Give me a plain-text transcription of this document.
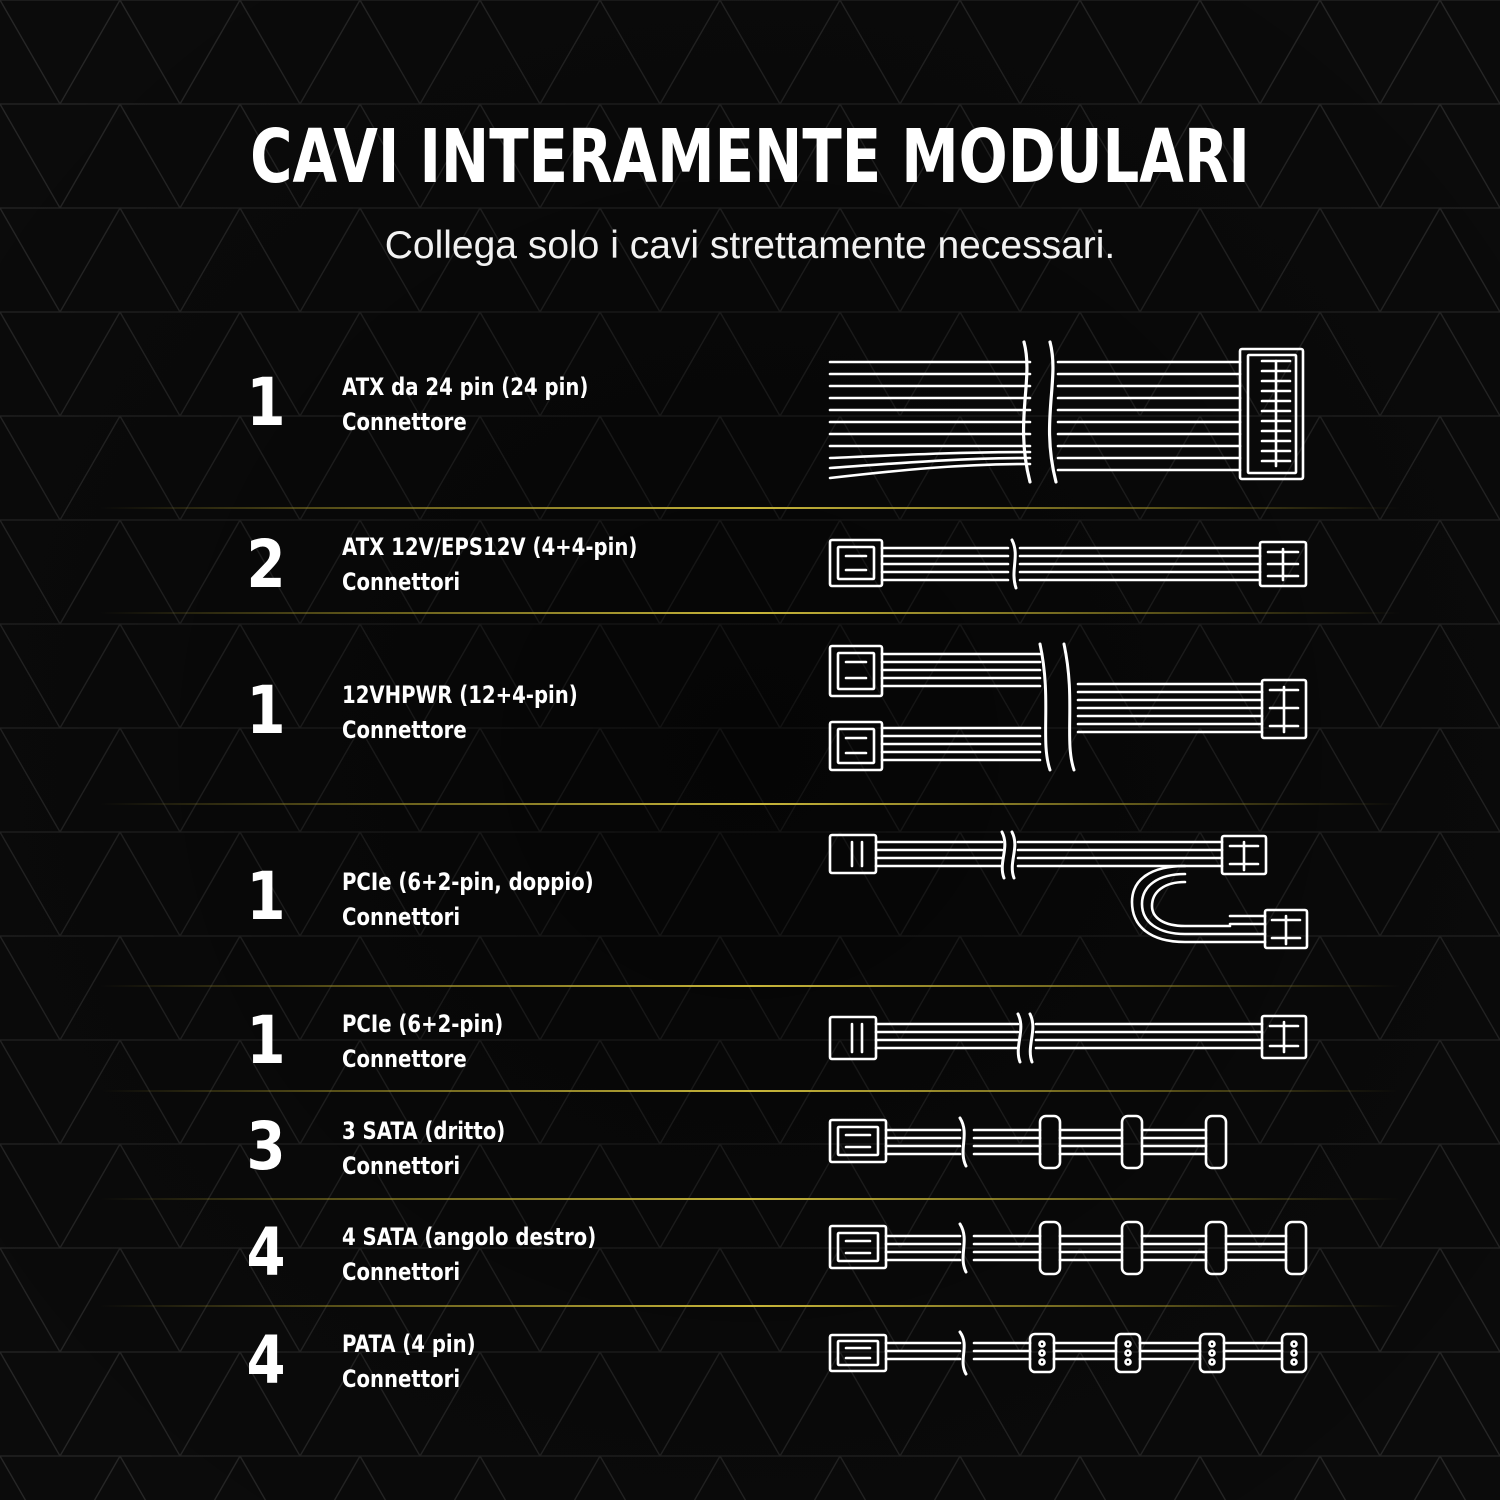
CAVI INTERAMENTE MODULARI
Collega solo i cavi strettamente necessari.
1	ATX da 24 pin (24 pin)
Connettore
2	ATX 12V/EPS12V (4+4-pin)
Connettori
1	12VHPWR (12+4-pin)
Connettore
1	PCIe (6+2-pin, doppio)
Connettori
1	PCIe (6+2-pin)
Connettore
3	3 SATA (dritto)
Connettori
4	4 SATA (angolo destro)
Connettori
4	PATA (4 pin)
Connettori
